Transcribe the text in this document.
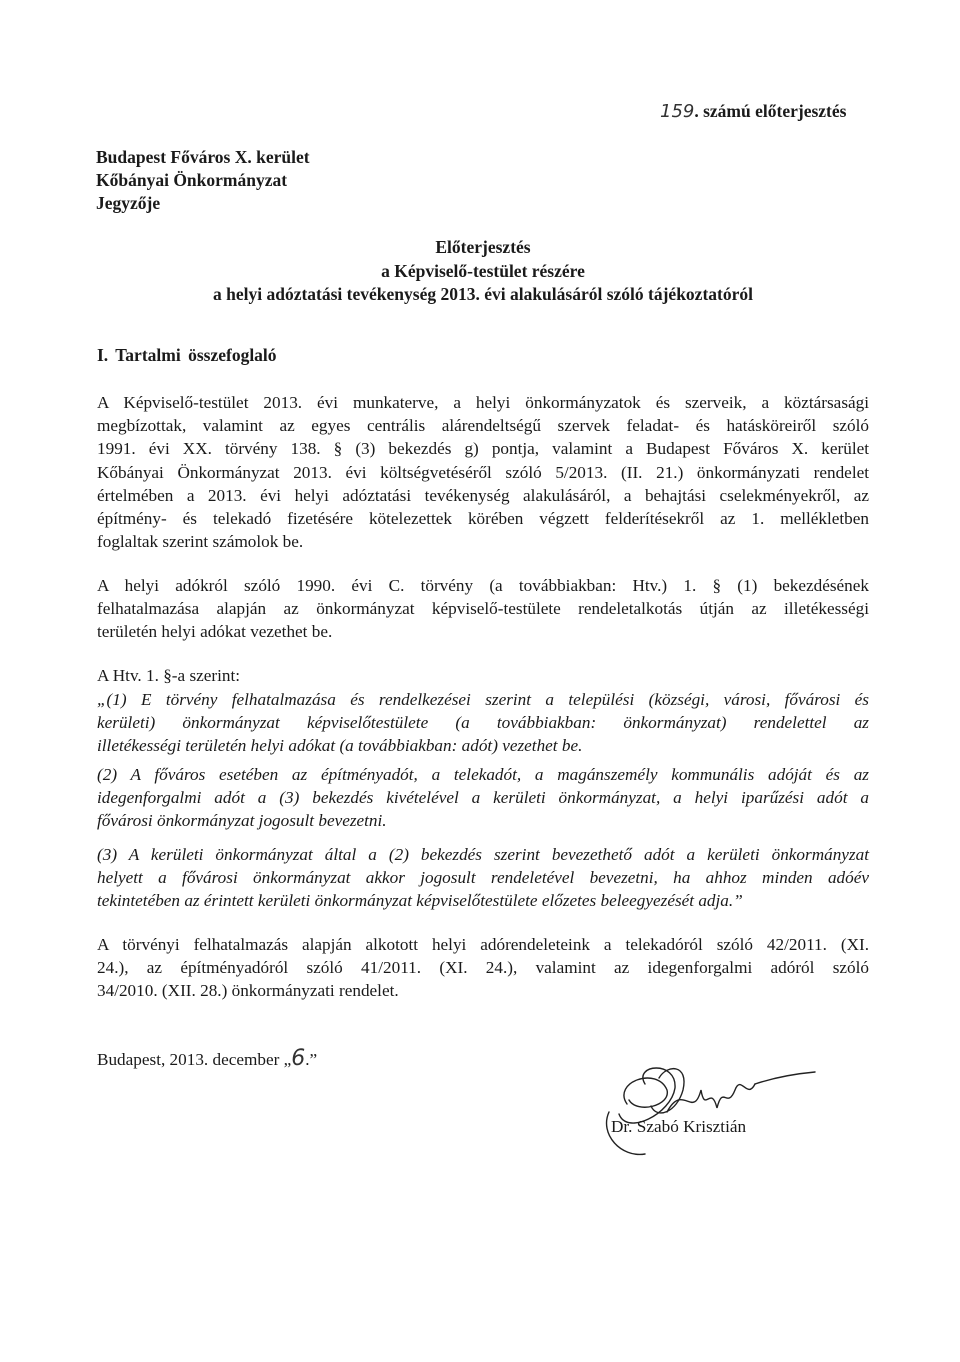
159. számú előterjesztés
Budapest Főváros X. kerület
Kőbányai Önkormányzat
Jegyzője
Előterjesztés
a Képviselő-testület részére
a helyi adóztatási tevékenység 2013. évi alakulásáról szóló tájékoztatóról
I. Tartalmi összefoglaló
A Képviselő-testület 2013. évi munkaterve, a helyi önkormányzatok és szerveik, a köztársasági
megbízottak, valamint az egyes centrális alárendeltségű szervek feladat- és hatásköreiről szóló
1991. évi XX. törvény 138. § (3) bekezdés g) pontja, valamint a Budapest Főváros X. kerület
Kőbányai Önkormányzat 2013. évi költségvetéséről szóló 5/2013. (II. 21.) önkormányzati rendelet
értelmében a 2013. évi helyi adóztatási tevékenység alakulásáról, a behajtási cselekményekről, az
építmény- és telekadó fizetésére kötelezettek körében végzett felderítésekről az 1. mellékletben
foglaltak szerint számolok be.
A helyi adókról szóló 1990. évi C. törvény (a továbbiakban: Htv.) 1. § (1) bekezdésének
felhatalmazása alapján az önkormányzat képviselő-testülete rendeletalkotás útján az illetékességi
területén helyi adókat vezethet be.
A Htv. 1. §-a szerint:
„(1) E törvény felhatalmazása és rendelkezései szerint a települési (községi, városi, fővárosi és
kerületi) önkormányzat képviselőtestülete (a továbbiakban: önkormányzat) rendelettel az
illetékességi területén helyi adókat (a továbbiakban: adót) vezethet be.
(2) A főváros esetében az építményadót, a telekadót, a magánszemély kommunális adóját és az
idegenforgalmi adót a (3) bekezdés kivételével a kerületi önkormányzat, a helyi iparűzési adót a
fővárosi önkormányzat jogosult bevezetni.
(3) A kerületi önkormányzat által a (2) bekezdés szerint bevezethető adót a kerületi önkormányzat
helyett a fővárosi önkormányzat akkor jogosult rendeletével bevezetni, ha ahhoz minden adóév
tekintetében az érintett kerületi önkormányzat képviselőtestülete előzetes beleegyezését adja.”
A törvényi felhatalmazás alapján alkotott helyi adórendeleteink a telekadóról szóló 42/2011. (XI.
24.), az építményadóról szóló 41/2011. (XI. 24.), valamint az idegenforgalmi adóról szóló
34/2010. (XII. 28.) önkormányzati rendelet.
Budapest, 2013. december „6.”
Dr. Szabó Krisztián
